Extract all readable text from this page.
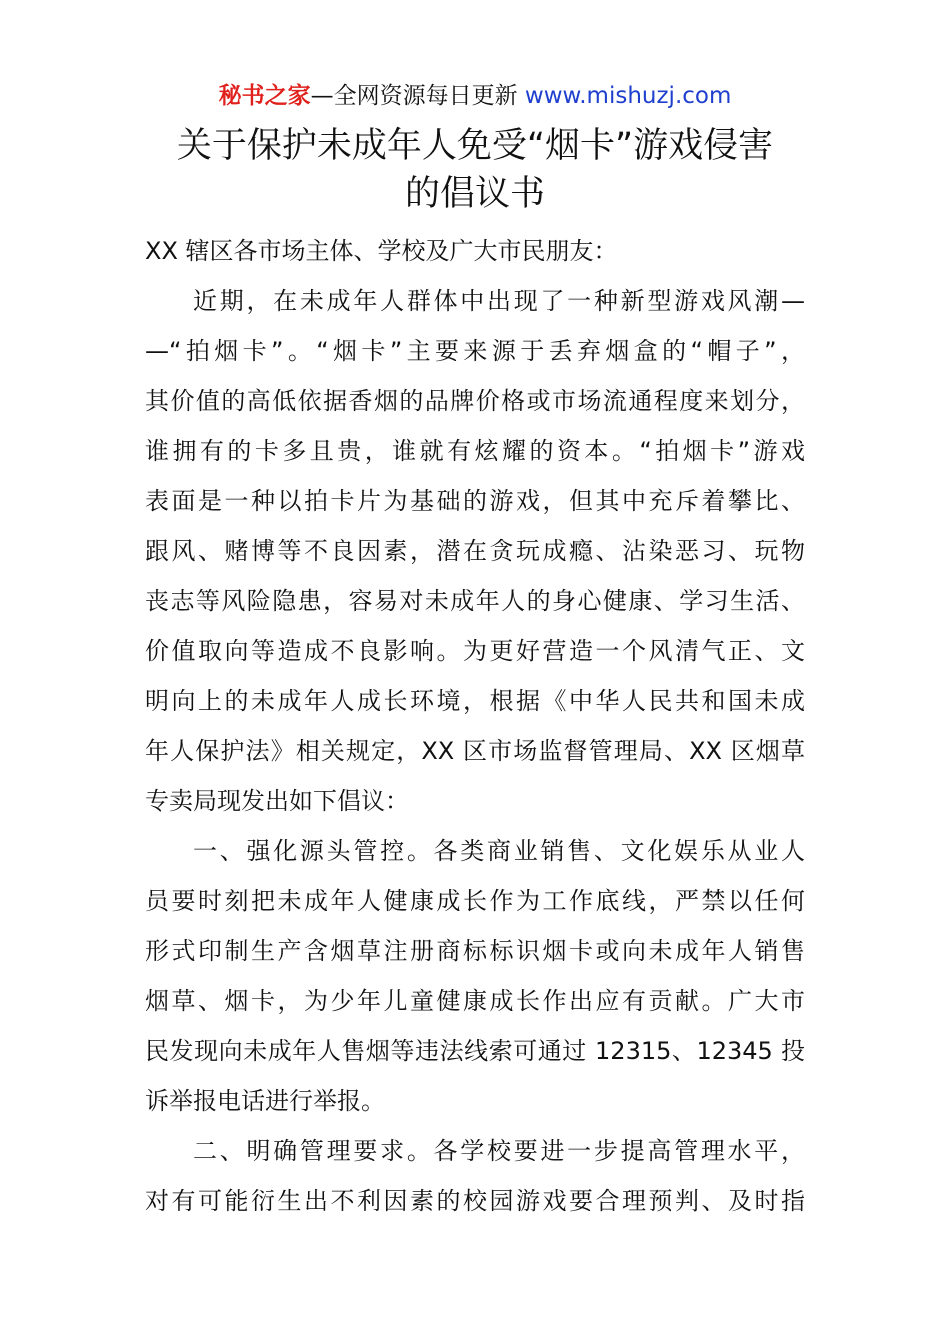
秘书之家—全网资源每日更新 www.mishuzj.com
关于保护未成年人免受“烟卡”游戏侵害
的倡议书
XX 辖区各市场主体、学校及广大市民朋友：
近期，在未成年人群体中出现了一种新型游戏风潮—
—“拍烟卡”。“烟卡”主要来源于丢弃烟盒的“帽子”，
其价值的高低依据香烟的品牌价格或市场流通程度来划分，
谁拥有的卡多且贵，谁就有炫耀的资本。“拍烟卡”游戏
表面是一种以拍卡片为基础的游戏，但其中充斥着攀比、
跟风、赌博等不良因素，潜在贪玩成瘾、沾染恶习、玩物
丧志等风险隐患，容易对未成年人的身心健康、学习生活、
价值取向等造成不良影响。为更好营造一个风清气正、文
明向上的未成年人成长环境，根据《中华人民共和国未成
年人保护法》相关规定，XX 区市场监督管理局、XX 区烟草
专卖局现发出如下倡议：
一、强化源头管控。各类商业销售、文化娱乐从业人
员要时刻把未成年人健康成长作为工作底线，严禁以任何
形式印制生产含烟草注册商标标识烟卡或向未成年人销售
烟草、烟卡，为少年儿童健康成长作出应有贡献。广大市
民发现向未成年人售烟等违法线索可通过 12315、12345 投
诉举报电话进行举报。
二、明确管理要求。各学校要进一步提高管理水平，
对有可能衍生出不利因素的校园游戏要合理预判、及时指
